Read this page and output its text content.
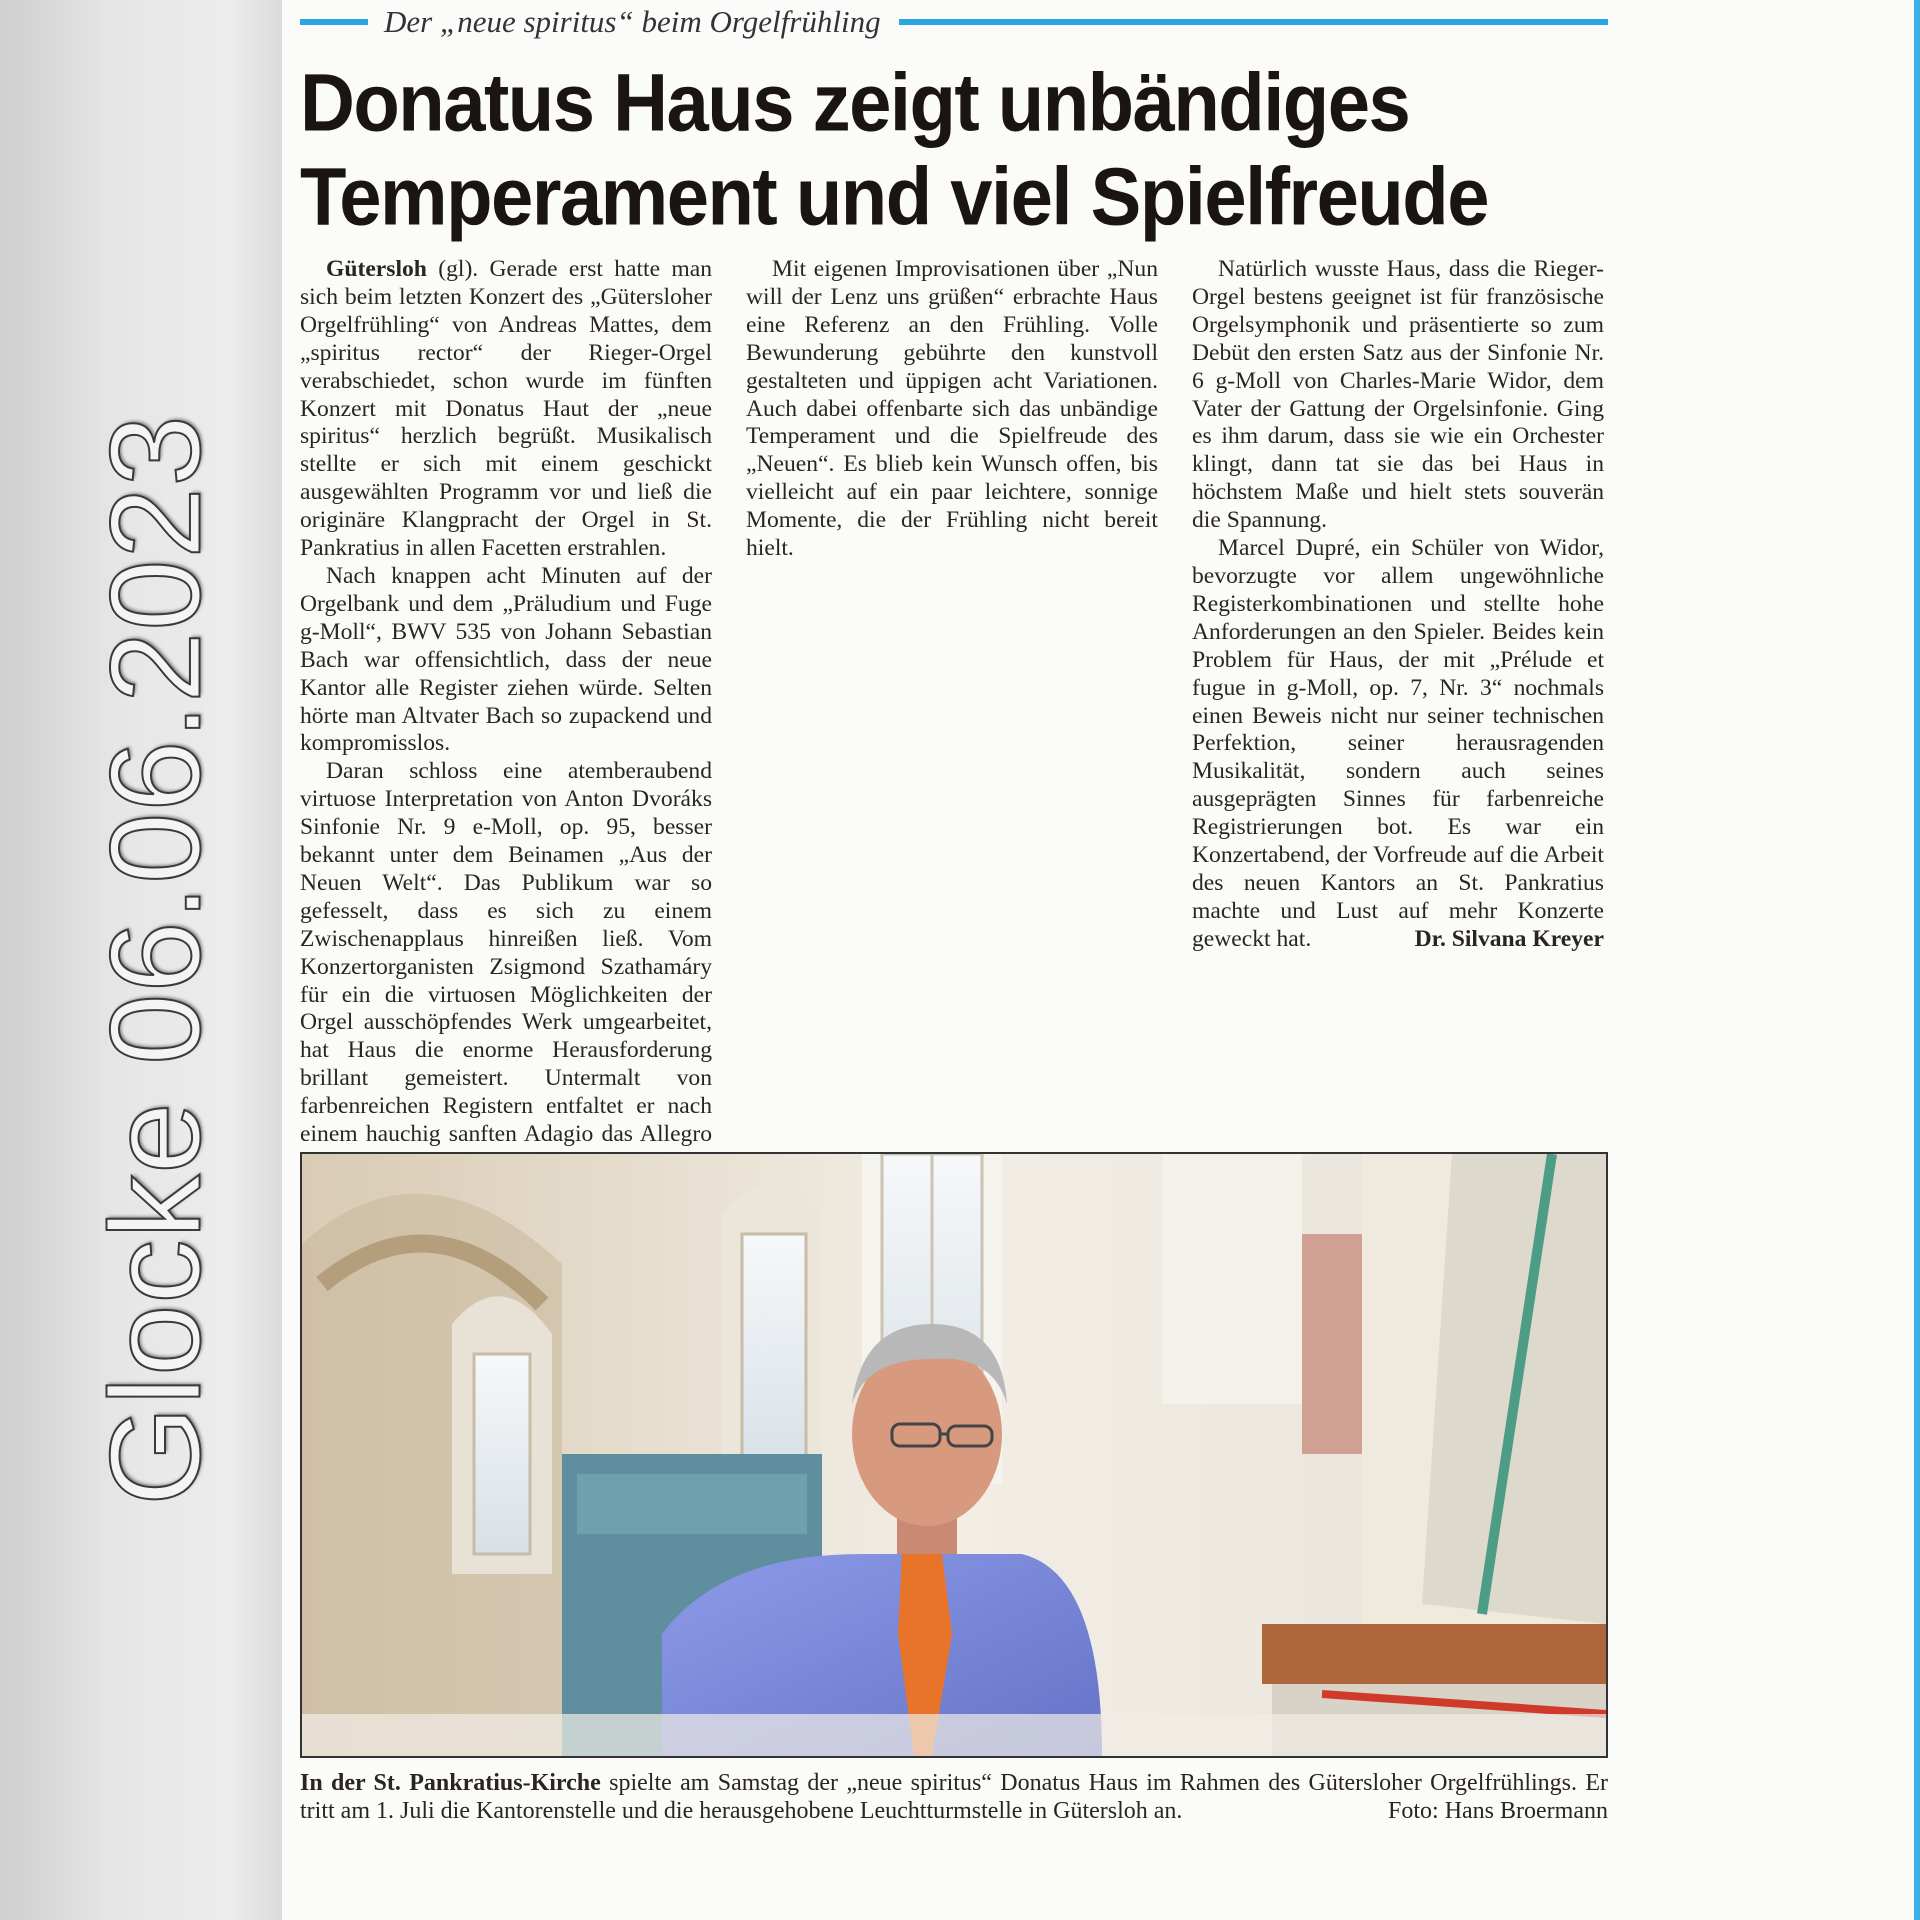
Glocke 06.06.2023
Der „neue spiritus“ beim Orgelfrühling
Donatus Haus zeigt unbändiges
Temperament und viel Spielfreude

Gütersloh (gl). Gerade erst hatte man sich beim letzten Konzert des „Gütersloher Orgelfrühling“ von Andreas Mattes, dem „spiritus rector“ der Rieger-Orgel verabschiedet, schon wurde im fünften Konzert mit Donatus Haut der „neue spiritus“ herzlich begrüßt. Musikalisch stellte er sich mit einem geschickt ausgewählten Programm vor und ließ die originäre Klangpracht der Orgel in St. Pankratius in allen Facetten erstrahlen.

Nach knappen acht Minuten auf der Orgelbank und dem „Präludium und Fuge g-Moll“, BWV 535 von Johann Sebastian Bach war offensichtlich, dass der neue Kantor alle Register ziehen würde. Selten hörte man Altvater Bach so zupackend und kompromisslos.

Daran schloss eine atemberaubend virtuose Interpretation von Anton Dvoráks Sinfonie Nr. 9 e-Moll, op. 95, besser bekannt unter dem Beinamen „Aus der Neuen Welt“. Das Publikum war so gefesselt, dass es sich zu einem Zwischenapplaus hinreißen ließ. Vom Konzertorganisten Zsigmond Szathamáry für ein die virtuosen Möglichkeiten der Orgel ausschöpfendes Werk umgearbeitet, hat Haus die enorme Herausforderung brillant gemeistert. Untermalt von farbenreichen Registern entfaltet er nach einem hauchig sanften Adagio das Allegro

Mit eigenen Improvisationen über „Nun will der Lenz uns grüßen“ erbrachte Haus eine Referenz an den Frühling. Volle Bewunderung gebührte den kunstvoll gestalteten und üppigen acht Variationen. Auch dabei offenbarte sich das unbändige Temperament und die Spielfreude des „Neuen“. Es blieb kein Wunsch offen, bis vielleicht auf ein paar leichtere, sonnige Momente, die der Frühling nicht bereit hielt.

Natürlich wusste Haus, dass die Rieger-Orgel bestens geeignet ist für französische Orgelsymphonik und präsentierte so zum Debüt den ersten Satz aus der Sinfonie Nr. 6 g-Moll von Charles-Marie Widor, dem Vater der Gattung der Orgelsinfonie. Ging es ihm darum, dass sie wie ein Orchester klingt, dann tat sie das bei Haus in höchstem Maße und hielt stets souverän die Spannung.

Marcel Dupré, ein Schüler von Widor, bevorzugte vor allem ungewöhnliche Registerkombinationen und stellte hohe Anforderungen an den Spieler. Beides kein Problem für Haus, der mit „Prélude et fugue in g-Moll, op. 7, Nr. 3“ nochmals einen Beweis nicht nur seiner technischen Perfektion, seiner herausragenden Musikalität, sondern auch seines ausgeprägten Sinnes für farbenreiche Registrierungen bot. Es war ein Konzertabend, der Vorfreude auf die Arbeit des neuen Kantors an St. Pankratius machte und Lust auf mehr Konzerte geweckt hat.	Dr. Silvana Kreyer

In der St. Pankratius-Kirche spielte am Samstag der „neue spiritus“ Donatus Haus im Rahmen des Gütersloher Orgelfrühlings. Er tritt am 1. Juli die Kantorenstelle und die herausgehobene Leuchtturmstelle in Gütersloh an.	Foto: Hans Broermann
